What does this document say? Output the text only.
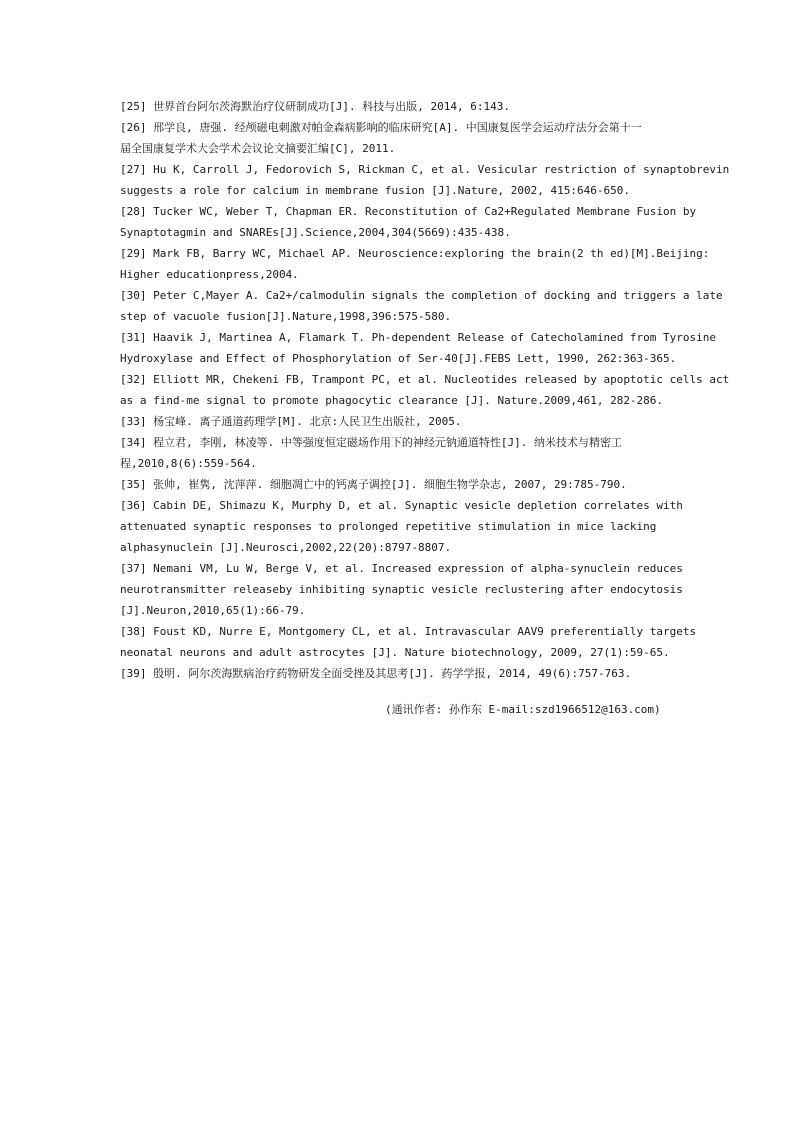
[25] 世界首台阿尔茨海默治疗仪研制成功[J]. 科技与出版, 2014, 6:143.
[26] 邢学良, 唐强. 经颅磁电刺激对帕金森病影响的临床研究[A]. 中国康复医学会运动疗法分会第十一
届全国康复学术大会学术会议论文摘要汇编[C], 2011.
[27] Hu K, Carroll J, Fedorovich S, Rickman C, et al. Vesicular restriction of synaptobrevin
suggests a role for calcium in membrane fusion [J].Nature, 2002, 415:646-650.
[28] Tucker WC, Weber T, Chapman ER. Reconstitution of Ca2+Regulated Membrane Fusion by
Synaptotagmin and SNAREs[J].Science,2004,304(5669):435-438.
[29] Mark FB, Barry WC, Michael AP. Neuroscience:exploring the brain(2 th ed)[M].Beijing:
Higher educationpress,2004.
[30] Peter C,Mayer A. Ca2+/calmodulin signals the completion of docking and triggers a late
step of vacuole fusion[J].Nature,1998,396:575-580.
[31] Haavik J, Martinea A, Flamark T. Ph-dependent Release of Catecholamined from Tyrosine
Hydroxylase and Effect of Phosphorylation of Ser-40[J].FEBS Lett, 1990, 262:363-365.
[32] Elliott MR, Chekeni FB, Trampont PC, et al. Nucleotides released by apoptotic cells act
as a find-me signal to promote phagocytic clearance [J]. Nature.2009,461, 282-286.
[33] 杨宝峰. 离子通道药理学[M]. 北京:人民卫生出版社, 2005.
[34] 程立君, 李刚, 林凌等. 中等强度恒定磁场作用下的神经元钠通道特性[J]. 纳米技术与精密工
程,2010,8(6):559-564.
[35] 张帅, 崔隽, 沈萍萍. 细胞凋亡中的钙离子调控[J]. 细胞生物学杂志, 2007, 29:785-790.
[36] Cabin DE, Shimazu K, Murphy D, et al. Synaptic vesicle depletion correlates with
attenuated synaptic responses to prolonged repetitive stimulation in mice lacking
alphasynuclein [J].Neurosci,2002,22(20):8797-8807.
[37] Nemani VM, Lu W, Berge V, et al. Increased expression of alpha-synuclein reduces
neurotransmitter releaseby inhibiting synaptic vesicle reclustering after endocytosis
[J].Neuron,2010,65(1):66-79.
[38] Foust KD, Nurre E, Montgomery CL, et al. Intravascular AAV9 preferentially targets
neonatal neurons and adult astrocytes [J]. Nature biotechnology, 2009, 27(1):59-65.
[39] 殷明. 阿尔茨海默病治疗药物研发全面受挫及其思考[J]. 药学学报, 2014, 49(6):757-763.
(通讯作者: 孙作东 E-mail:szd1966512@163.com)
